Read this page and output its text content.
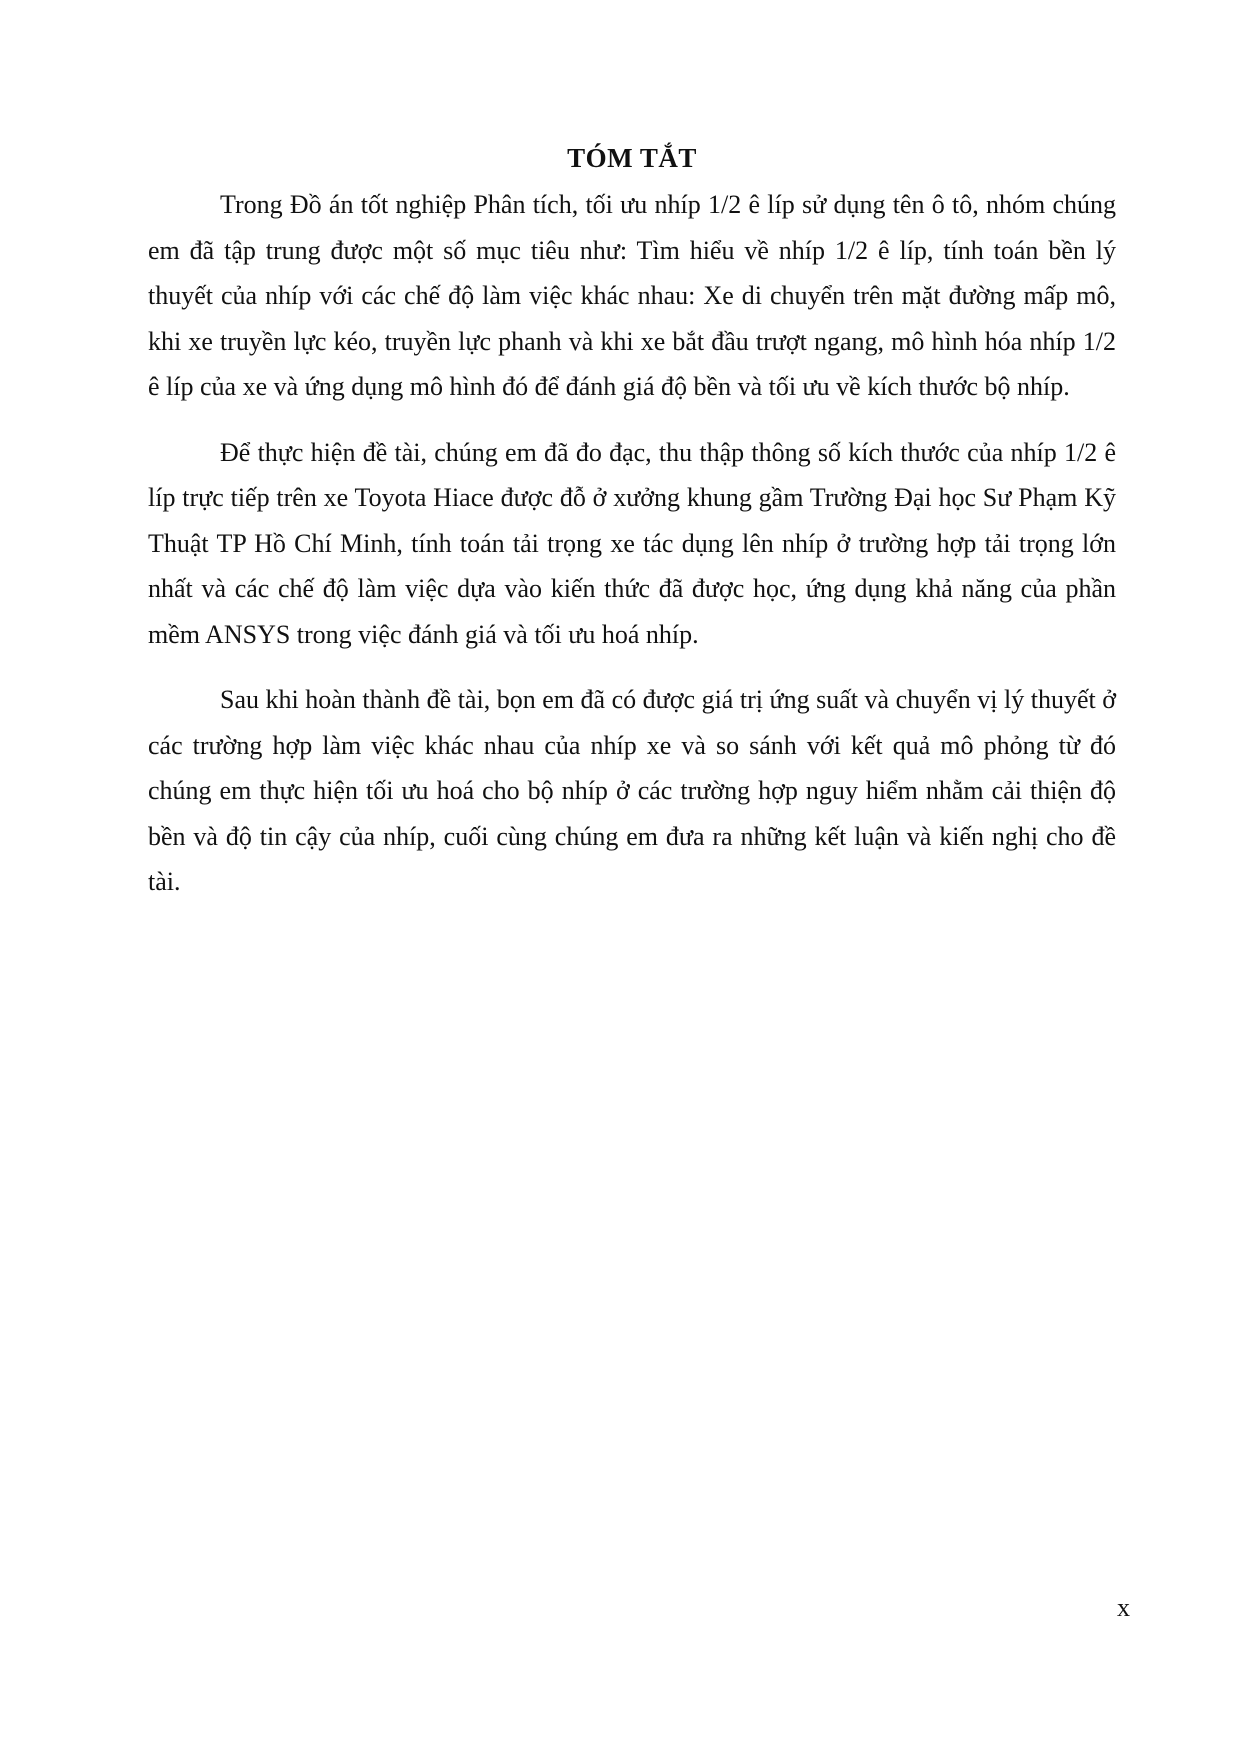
TÓM TẮT

Trong Đồ án tốt nghiệp Phân tích, tối ưu nhíp 1/2 ê líp sử dụng tên ô tô, nhóm chúng em đã tập trung được một số mục tiêu như: Tìm hiểu về nhíp 1/2 ê líp, tính toán bền lý thuyết của nhíp với các chế độ làm việc khác nhau: Xe di chuyển trên mặt đường mấp mô, khi xe truyền lực kéo, truyền lực phanh và khi xe bắt đầu trượt ngang, mô hình hóa nhíp 1/2 ê líp của xe và ứng dụng mô hình đó để đánh giá độ bền và tối ưu về kích thước bộ nhíp.

Để thực hiện đề tài, chúng em đã đo đạc, thu thập thông số kích thước của nhíp 1/2 ê líp trực tiếp trên xe Toyota Hiace được đỗ ở xưởng khung gầm Trường Đại học Sư Phạm Kỹ Thuật TP Hồ Chí Minh, tính toán tải trọng xe tác dụng lên nhíp ở trường hợp tải trọng lớn nhất và các chế độ làm việc dựa vào kiến thức đã được học, ứng dụng khả năng của phần mềm ANSYS trong việc đánh giá và tối ưu hoá nhíp.

Sau khi hoàn thành đề tài, bọn em đã có được giá trị ứng suất và chuyển vị lý thuyết ở các trường hợp làm việc khác nhau của nhíp xe và so sánh với kết quả mô phỏng từ đó chúng em thực hiện tối ưu hoá cho bộ nhíp ở các trường hợp nguy hiểm nhằm cải thiện độ bền và độ tin cậy của nhíp, cuối cùng chúng em đưa ra những kết luận và kiến nghị cho đề tài.

x
